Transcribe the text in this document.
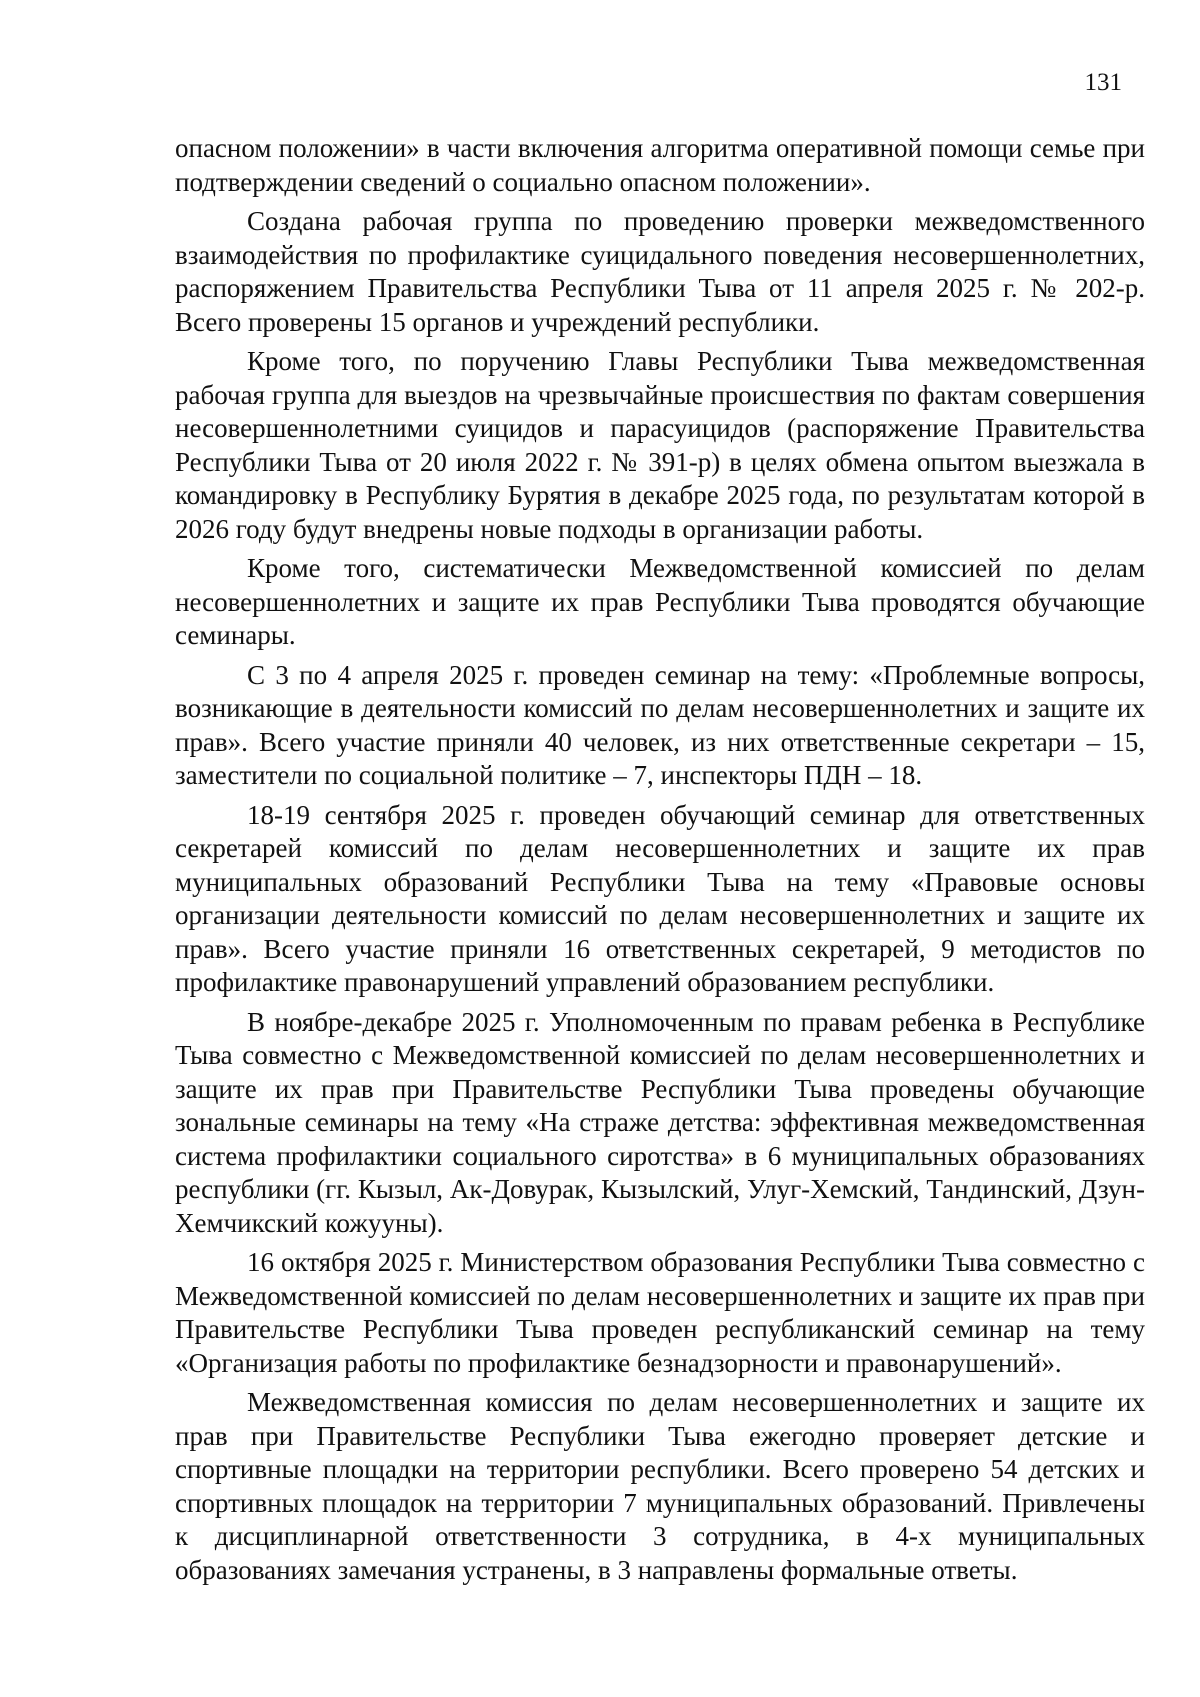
131

опасном положении» в части включения алгоритма оперативной помощи семье при подтверждении сведений о социально опасном положении».

Создана рабочая группа по проведению проверки межведомственного взаимодействия по профилактике суицидального поведения несовершеннолетних, распоряжением Правительства Республики Тыва от 11 апреля 2025 г. № 202-р. Всего проверены 15 органов и учреждений республики.

Кроме того, по поручению Главы Республики Тыва межведомственная рабочая группа для выездов на чрезвычайные происшествия по фактам совершения несовершеннолетними суицидов и парасуицидов (распоряжение Правительства Республики Тыва от 20 июля 2022 г. № 391-р) в целях обмена опытом выезжала в командировку в Республику Бурятия в декабре 2025 года, по результатам которой в 2026 году будут внедрены новые подходы в организации работы.

Кроме того, систематически Межведомственной комиссией по делам несовершеннолетних и защите их прав Республики Тыва проводятся обучающие семинары.

С 3 по 4 апреля 2025 г. проведен семинар на тему: «Проблемные вопросы, возникающие в деятельности комиссий по делам несовершеннолетних и защите их прав». Всего участие приняли 40 человек, из них ответственные секретари – 15, заместители по социальной политике – 7, инспекторы ПДН – 18.

18-19 сентября 2025 г. проведен обучающий семинар для ответственных секретарей комиссий по делам несовершеннолетних и защите их прав муниципальных образований Республики Тыва на тему «Правовые основы организации деятельности комиссий по делам несовершеннолетних и защите их прав». Всего участие приняли 16 ответственных секретарей, 9 методистов по профилактике правонарушений управлений образованием республики.

В ноябре-декабре 2025 г. Уполномоченным по правам ребенка в Республике Тыва совместно с Межведомственной комиссией по делам несовершеннолетних и защите их прав при Правительстве Республики Тыва проведены обучающие зональные семинары на тему «На страже детства: эффективная межведомственная система профилактики социального сиротства» в 6 муниципальных образованиях республики (гг. Кызыл, Ак-Довурак, Кызылский, Улуг-Хемский, Тандинский, Дзун-Хемчикский кожууны).

16 октября 2025 г. Министерством образования Республики Тыва совместно с Межведомственной комиссией по делам несовершеннолетних и защите их прав при Правительстве Республики Тыва проведен республиканский семинар на тему «Организация работы по профилактике безнадзорности и правонарушений».

Межведомственная комиссия по делам несовершеннолетних и защите их прав при Правительстве Республики Тыва ежегодно проверяет детские и спортивные площадки на территории республики. Всего проверено 54 детских и спортивных площадок на территории 7 муниципальных образований. Привлечены к дисциплинарной ответственности 3 сотрудника, в 4-х муниципальных образованиях замечания устранены, в 3 направлены формальные ответы.
